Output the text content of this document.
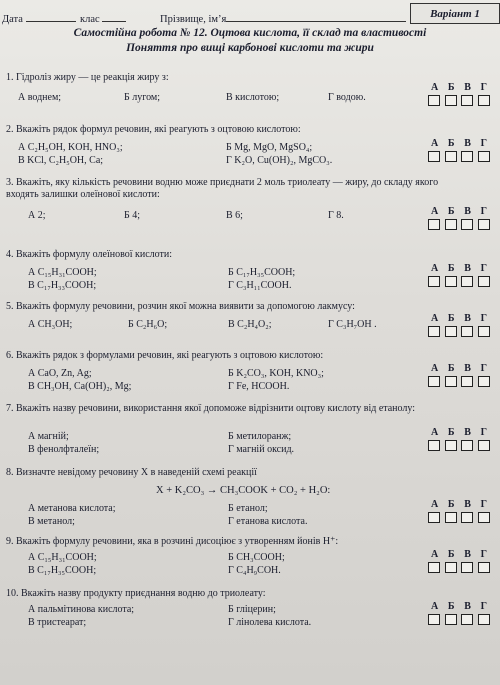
Дата	клас	Прізвище, ім’я	Варіант 1
Самостійна робота № 12. Оцтова кислота, її склад та властивості
Поняття про вищі карбонові кислоти та жири
1. Гідроліз жиру — це реакція жиру з:
А воднем;	Б лугом;	В кислотою;	Г водою.
А Б В Г
2. Вкажіть рядок формул речовин, які реагують з оцтовою кислотою:
А C₂H₅OH, KOH, HNO₃;	Б Mg, MgO, MgSO₄;
В KCl, C₂H₅OH, Ca;	Г K₂O, Cu(OH)₂, MgCO₃.
А Б В Г
3. Вкажіть, яку кількість речовини водню може приєднати 2 моль триолеату — жиру, до складу якого входять залишки олеїнової кислоти:
А 2;	Б 4;	В 6;	Г 8.	А Б В Г
4. Вкажіть формулу олеїнової кислоти:
А C₁₅H₃₁COOH;	Б C₁₇H₃₅COOH;
В C₁₇H₃₃COOH;	Г C₃H₁₁COOH.
А Б В Г
5. Вкажіть формулу речовини, розчин якої можна виявити за допомогою лакмусу:
А CH₃OH;	Б C₂H₆O;	В C₂H₄O₂;	Г C₃H₇OH .
А Б В Г
6. Вкажіть рядок з формулами речовин, які реагують з оцтовою кислотою:
А CaO, Zn, Ag;	Б K₂CO₃, KOH, KNO₃;
В CH₃OH, Ca(OH)₂, Mg;	Г Fe, HCOOH.
А Б В Г
7. Вкажіть назву речовини, використання якої допоможе відрізнити оцтову кислоту від етанолу:
А магній;	Б метилоранж;
В фенолфталеїн;	Г магній оксид.
А Б В Г
8. Визначте невідому речовину X в наведеній схемі реакції
X + K₂CO₃ → CH₃COOK + CO₂ + H₂O:
А метанова кислота;	Б етанол;
В метанол;	Г етанова кислота.
А Б В Г
9. Вкажіть формулу речовини, яка в розчині дисоціює з утворенням йонів H⁺:
А C₁₅H₃₁COOH;	Б CH₃COOH;
В C₁₇H₃₅COOH;	Г C₄H₉COH.
А Б В Г
10. Вкажіть назву продукту приєднання водню до триолеату:
А пальмітинова кислота;	Б гліцерин;
В тристеарат;	Г лінолева кислота.
А Б В Г
